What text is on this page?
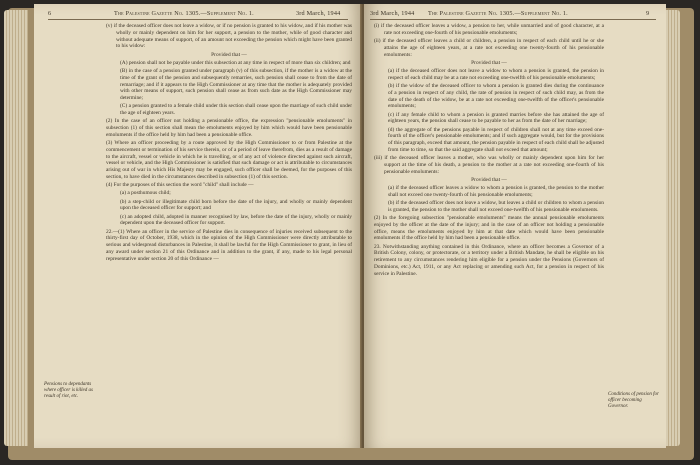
6	The Palestine Gazette No. 1305.—Supplement No. 1.	3rd March, 1944

(v) if the deceased officer does not leave a widow, or if no pension is granted to his widow, and if his mother was wholly or mainly dependent on him for her support, a pension to the mother, while of good character and without adequate means of support, of an amount not exceeding the pension which might have been granted to his widow:

Provided that —

(A) pension shall not be payable under this subsection at any time in respect of more than six children; and

(B) in the case of a pension granted under paragraph (v) of this subsection, if the mother is a widow at the time of the grant of the pension and subsequently remarries, such pension shall cease to from the date of remarriage; and if it appears to the High Commissioner at any time that the mother is adequately provided with other means of support, such pension shall cease as from such date as the High Commissioner may determine;

(C) a pension granted to a female child under this section shall cease upon the marriage of such child under the age of eighteen years.

(2) In the case of an officer not holding a pensionable office, the expression "pensionable emoluments" in subsection (1) of this section shall mean the emoluments enjoyed by him which would have been pensionable emoluments if the office held by him had been a pensionable office.

(3) Where an officer proceeding by a route approved by the High Commissioner to or from Palestine at the commencement or termination of his service therein, or of a period of leave therefrom, dies as a result of damage to the aircraft, vessel or vehicle in which he is travelling, or of any act of violence directed against such aircraft, vessel or vehicle, and the High Commissioner is satisfied that such damage or act is attributable to circumstances arising out of war in which His Majesty may be engaged, such officer shall be deemed, for the purposes of this section, to have died in the circumstances described in subsection (1) of this section.

(4) For the purposes of this section the word "child" shall include —

(a) a posthumous child;

(b) a step-child or illegitimate child born before the date of the injury, and wholly or mainly dependent upon the deceased officer for support; and

(c) an adopted child, adopted in manner recognised by law, before the date of the injury, wholly or mainly dependent upon the deceased officer for support.

22.—(1) Where an officer in the service of Palestine dies in consequence of injuries received subsequent to the thirty-first day of October, 1938, which in the opinion of the High Commissioner were directly attributable to serious and widespread disturbances in Palestine, it shall be lawful for the High Commissioner to grant, in lieu of any award under section 21 of this Ordinance and in addition to the grant, if any, made to his legal personal representative under section 20 of this Ordinance —

Pensions to dependants where officer is killed as result of riot, etc.
3rd March, 1944 The Palestine Gazette No. 1305.—Supplement No. 1.	9

(i) if the deceased officer leaves a widow, a pension to her, while unmarried and of good character, at a rate not exceeding one-fourth of his pensionable emoluments;

(ii) if the deceased officer leaves a child or children, a pension in respect of each child until he or she attains the age of eighteen years, at a rate not exceeding one twenty-fourth of his pensionable emoluments:

Provided that —

(a) if the deceased officer does not leave a widow to whom a pension is granted, the pension in respect of each child may be at a rate not exceeding one-twelfth of his pensionable emoluments;

(b) if the widow of the deceased officer to whom a pension is granted dies during the continuance of a pension in respect of any child, the rate of pension in respect of such child may, as from the date of the death of the widow, be at a rate not exceeding one-twelfth of the officer's pensionable emoluments;

(c) if any female child to whom a pension is granted marries before she has attained the age of eighteen years, the pension shall cease to be payable to her as from the date of her marriage;

(d) the aggregate of the pensions payable in respect of children shall not at any time exceed one-fourth of the officer's pensionable emoluments; and if such aggregate would, but for the provisions of this paragraph, exceed that amount, the pension payable in respect of each child shall be adjusted from time to time, so that the said aggregate shall not exceed that amount;

(iii) if the deceased officer leaves a mother, who was wholly or mainly dependent upon him for her support at the time of his death, a pension to the mother at a rate not exceeding one-fourth of his pensionable emoluments:

Provided that —

(a) if the deceased officer leaves a widow to whom a pension is granted, the pension to the mother shall not exceed one twenty-fourth of his pensionable emoluments;

(b) if the deceased officer does not leave a widow, but leaves a child or children to whom a pension is granted, the pension to the mother shall not exceed one-twelfth of his pensionable emoluments.

(2) In the foregoing subsection "pensionable emoluments" means the annual pensionable emoluments enjoyed by the officer at the date of the injury; and in the case of an officer not holding a pensionable office, means the emoluments enjoyed by him at that date which would have been pensionable emoluments if the office held by him had been a pensionable office.

23. Notwithstanding anything contained in this Ordinance, where an officer becomes a Governor of a British Colony, colony, or protectorate, or a territory under a British Mandate, he shall be eligible on his retirement to any circumstances rendering him eligible for a pension under the Pensions (Governors of Dominions, etc.) Act, 1911, or any Act replacing or amending such Act, for a pension in respect of his service in Palestine.

Conditions of pension for officer becoming Governor.
